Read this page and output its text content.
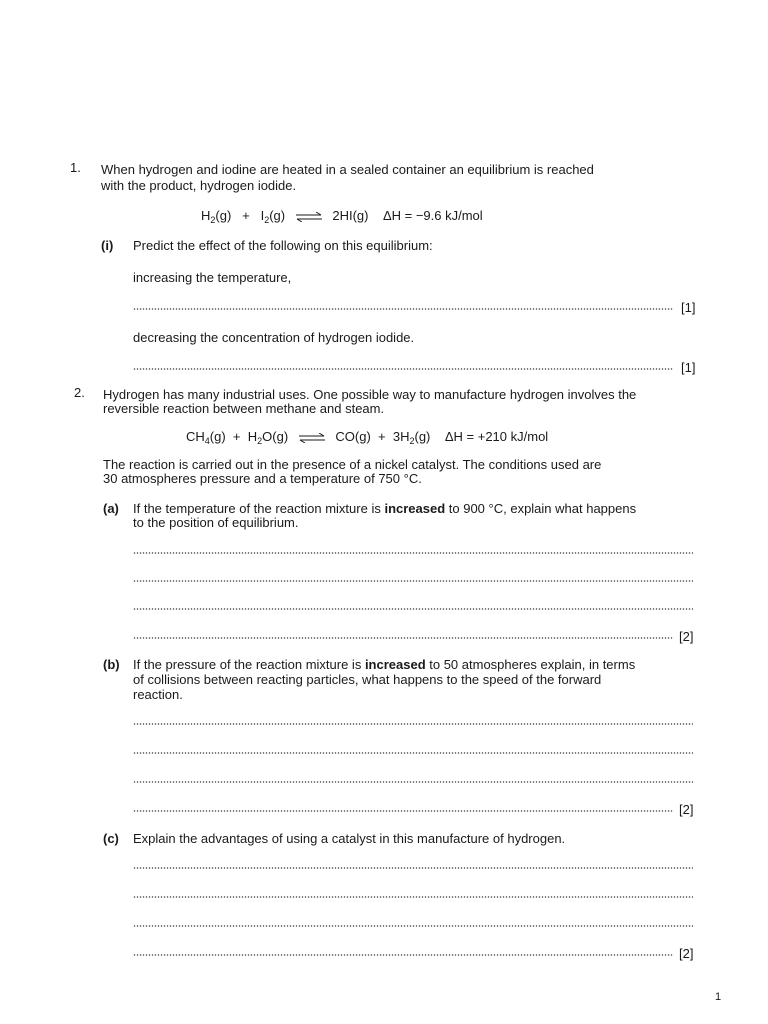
1. When hydrogen and iodine are heated in a sealed container an equilibrium is reached
with the product, hydrogen iodide.
$H_2(g) + I_2(g)$ ⇌ 2HI(g) ΔH = −9.6 kJ/mol
(i) Predict the effect of the following on this equilibrium:
increasing the temperature,
[1]
decreasing the concentration of hydrogen iodide.
[1]
2. Hydrogen has many industrial uses. One possible way to manufacture hydrogen involves the
reversible reaction between methane and steam.
$CH_4(g) + H_2O(g)$ ⇌ $CO(g) + 3H_2(g) \Delta H = +210$ kJ/mol
The reaction is carried out in the presence of a nickel catalyst. The conditions used are
30 atmospheres pressure and a temperature of 750 °C.
(a) If the temperature of the reaction mixture is increased to 900 °C, explain what happens
to the position of equilibrium.
[2]
(b) If the pressure of the reaction mixture is increased to 50 atmospheres explain, in terms
of collisions between reacting particles, what happens to the speed of the forward
reaction.
[2]
(c) Explain the advantages of using a catalyst in this manufacture of hydrogen.
[2]
1
